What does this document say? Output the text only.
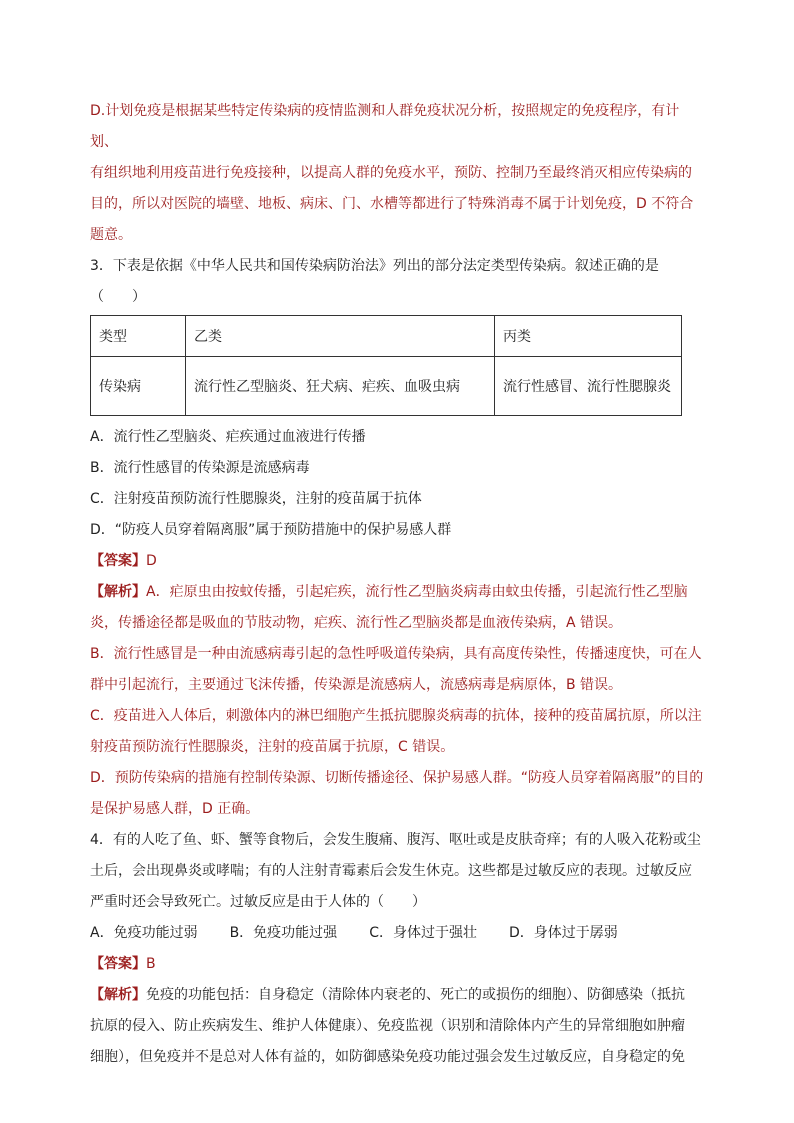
D.计划免疫是根据某些特定传染病的疫情监测和人群免疫状况分析，按照规定的免疫程序，有计划、

有组织地利用疫苗进行免疫接种，以提高人群的免疫水平，预防、控制乃至最终消灭相应传染病的

目的，所以对医院的墙壁、地板、病床、门、水槽等都进行了特殊消毒不属于计划免疫，D 不符合

题意。

3．下表是依据《中华人民共和国传染病防治法》列出的部分法定类型传染病。叙述正确的是（　　）

类型	乙类	丙类
传染病	流行性乙型脑炎、狂犬病、疟疾、血吸虫病	流行性感冒、流行性腮腺炎

A．流行性乙型脑炎、疟疾通过血液进行传播

B．流行性感冒的传染源是流感病毒

C．注射疫苗预防流行性腮腺炎，注射的疫苗属于抗体

D．“防疫人员穿着隔离服”属于预防措施中的保护易感人群

【答案】D

【解析】A．疟原虫由按蚊传播，引起疟疾，流行性乙型脑炎病毒由蚊虫传播，引起流行性乙型脑

炎，传播途径都是吸血的节肢动物，疟疾、流行性乙型脑炎都是血液传染病，A 错误。

B．流行性感冒是一种由流感病毒引起的急性呼吸道传染病，具有高度传染性，传播速度快，可在人

群中引起流行，主要通过飞沫传播，传染源是流感病人，流感病毒是病原体，B 错误。

C．疫苗进入人体后，刺激体内的淋巴细胞产生抵抗腮腺炎病毒的抗体，接种的疫苗属抗原，所以注

射疫苗预防流行性腮腺炎，注射的疫苗属于抗原，C 错误。

D．预防传染病的措施有控制传染源、切断传播途径、保护易感人群。“防疫人员穿着隔离服”的目的

是保护易感人群，D 正确。

4．有的人吃了鱼、虾、蟹等食物后，会发生腹痛、腹泻、呕吐或是皮肤奇痒；有的人吸入花粉或尘

土后，会出现鼻炎或哮喘；有的人注射青霉素后会发生休克。这些都是过敏反应的表现。过敏反应

严重时还会导致死亡。过敏反应是由于人体的（　　）

A．免疫功能过弱 B．免疫功能过强 C．身体过于强壮 D．身体过于孱弱

【答案】B

【解析】免疫的功能包括：自身稳定（清除体内衰老的、死亡的或损伤的细胞）、防御感染（抵抗

抗原的侵入、防止疾病发生、维护人体健康）、免疫监视（识别和清除体内产生的异常细胞如肿瘤

细胞），但免疫并不是总对人体有益的，如防御感染免疫功能过强会发生过敏反应，自身稳定的免
